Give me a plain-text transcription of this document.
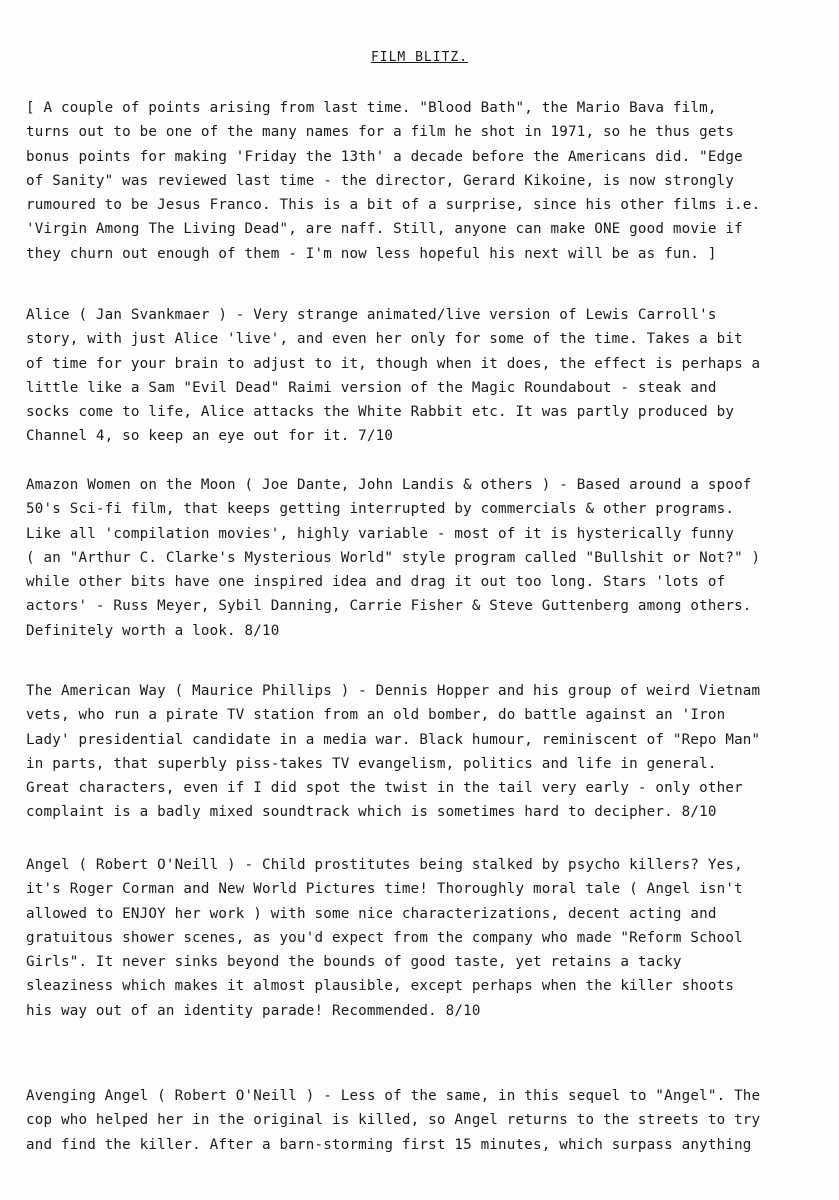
FILM BLITZ.
[ A couple of points arising from last time. "Blood Bath", the Mario Bava film,
turns out to be one of the many names for a film he shot in 1971, so he thus gets
bonus points for making 'Friday the 13th' a decade before the Americans did. "Edge
of Sanity" was reviewed last time - the director, Gerard Kikoine, is now strongly
rumoured to be Jesus Franco. This is a bit of a surprise, since his other films i.e.
'Virgin Among The Living Dead", are naff. Still, anyone can make ONE good movie if
they churn out enough of them - I'm now less hopeful his next will be as fun. ]
Alice ( Jan Svankmaer ) - Very strange animated/live version of Lewis Carroll's
story, with just Alice 'live', and even her only for some of the time. Takes a bit
of time for your brain to adjust to it, though when it does, the effect is perhaps a
little like a Sam "Evil Dead" Raimi version of the Magic Roundabout - steak and
socks come to life, Alice attacks the White Rabbit etc. It was partly produced by
Channel 4, so keep an eye out for it. 7/10
Amazon Women on the Moon ( Joe Dante, John Landis & others ) - Based around a spoof
50's Sci-fi film, that keeps getting interrupted by commercials & other programs.
Like all 'compilation movies', highly variable - most of it is hysterically funny
( an "Arthur C. Clarke's Mysterious World" style program called "Bullshit or Not?" )
while other bits have one inspired idea and drag it out too long. Stars 'lots of
actors' - Russ Meyer, Sybil Danning, Carrie Fisher & Steve Guttenberg among others.
Definitely worth a look. 8/10
The American Way ( Maurice Phillips ) - Dennis Hopper and his group of weird Vietnam
vets, who run a pirate TV station from an old bomber, do battle against an 'Iron
Lady' presidential candidate in a media war. Black humour, reminiscent of "Repo Man"
in parts, that superbly piss-takes TV evangelism, politics and life in general.
Great characters, even if I did spot the twist in the tail very early - only other
complaint is a badly mixed soundtrack which is sometimes hard to decipher. 8/10
Angel ( Robert O'Neill ) - Child prostitutes being stalked by psycho killers? Yes,
it's Roger Corman and New World Pictures time! Thoroughly moral tale ( Angel isn't
allowed to ENJOY her work ) with some nice characterizations, decent acting and
gratuitous shower scenes, as you'd expect from the company who made "Reform School
Girls". It never sinks beyond the bounds of good taste, yet retains a tacky
sleaziness which makes it almost plausible, except perhaps when the killer shoots
his way out of an identity parade! Recommended. 8/10
Avenging Angel ( Robert O'Neill ) - Less of the same, in this sequel to "Angel". The
cop who helped her in the original is killed, so Angel returns to the streets to try
and find the killer. After a barn-storming first 15 minutes, which surpass anything
